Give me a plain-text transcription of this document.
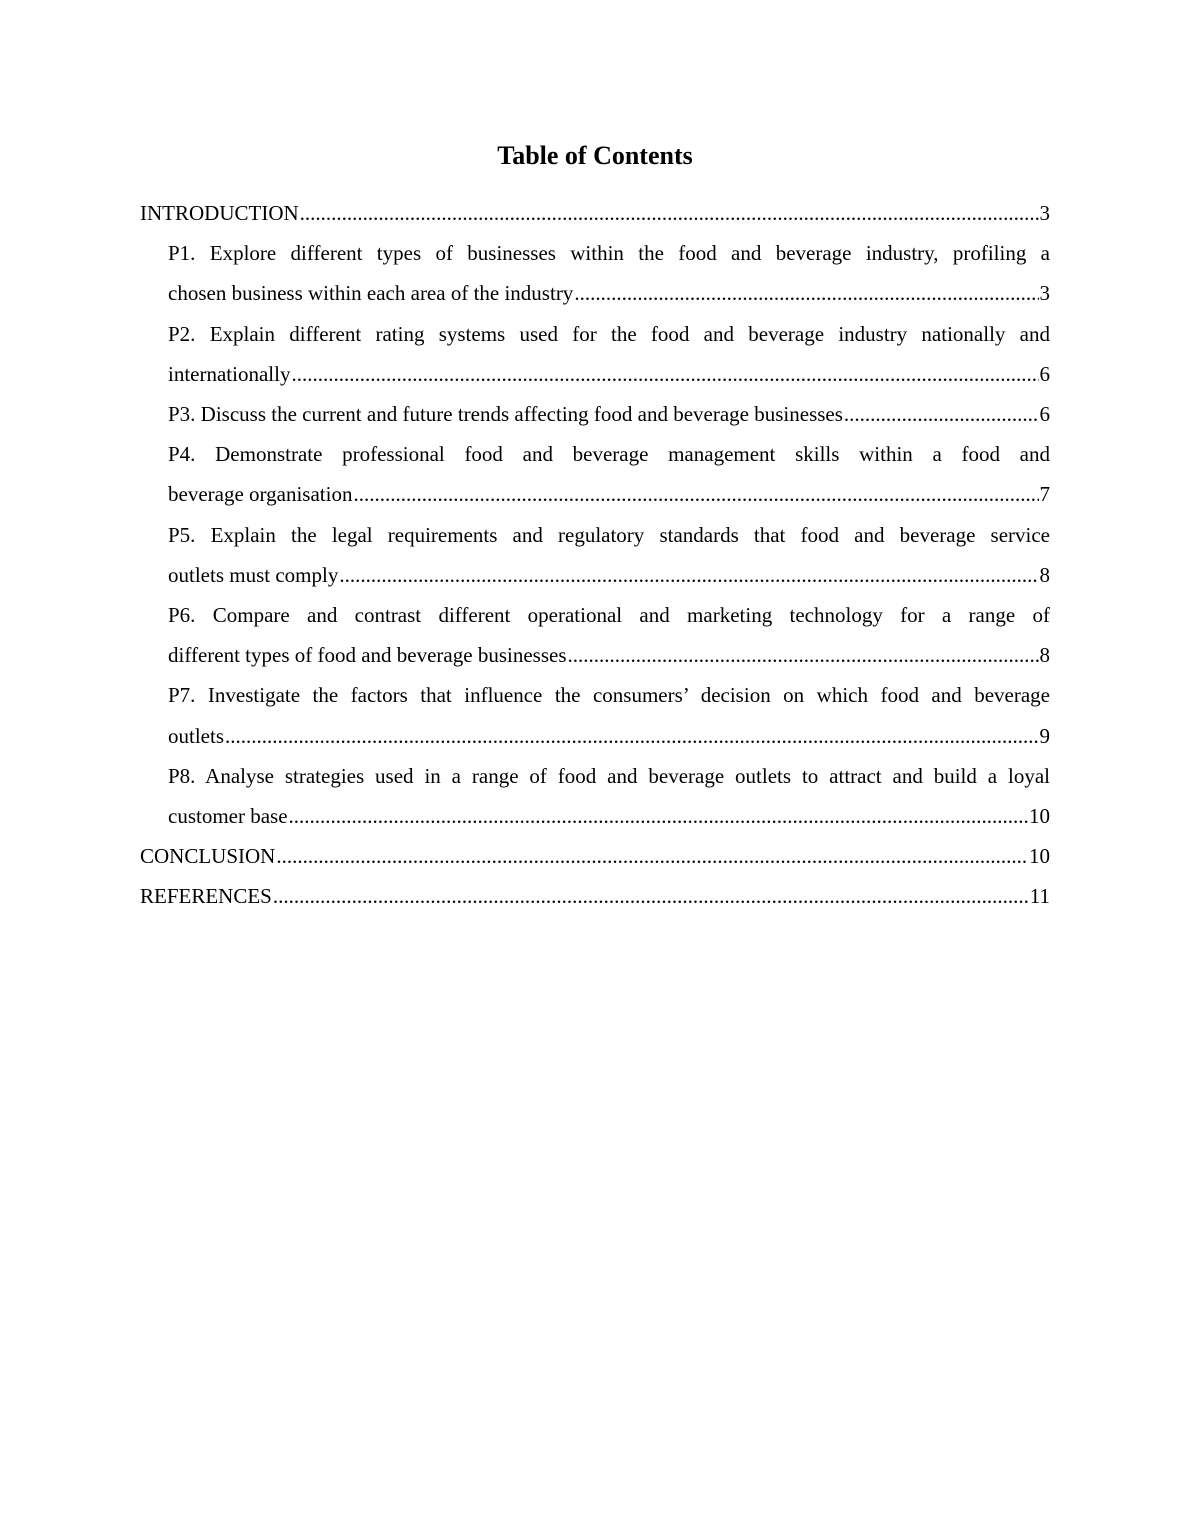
Table of Contents
INTRODUCTION .....	3
P1. Explore different types of businesses within the food and beverage industry, profiling a
chosen business within each area of the industry .....	3
P2. Explain different rating systems used for the food and beverage industry nationally and
internationally .....	6
P3. Discuss the current and future trends affecting food and beverage businesses .....	6
P4. Demonstrate professional food and beverage management skills within a food and
beverage organisation .....	7
P5. Explain the legal requirements and regulatory standards that food and beverage service
outlets must comply .....	8
P6. Compare and contrast different operational and marketing technology for a range of
different types of food and beverage businesses .....	8
P7. Investigate the factors that influence the consumers’ decision on which food and beverage
outlets .....	9
P8. Analyse strategies used in a range of food and beverage outlets to attract and build a loyal
customer base .....	10
CONCLUSION .....	10
REFERENCES .....	11
